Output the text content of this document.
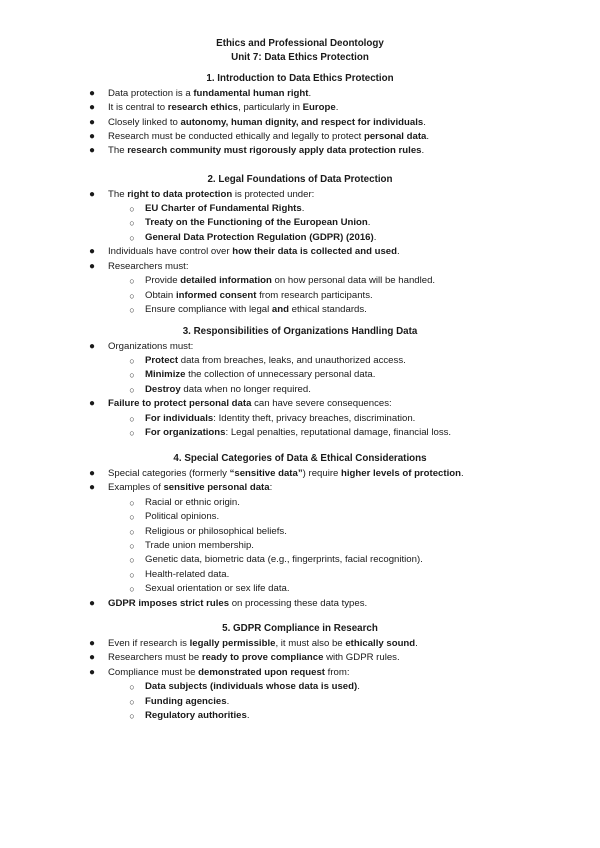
Ethics and Professional Deontology
Unit 7: Data Ethics Protection
1. Introduction to Data Ethics Protection
● Data protection is a fundamental human right.
● It is central to research ethics, particularly in Europe.
● Closely linked to autonomy, human dignity, and respect for individuals.
● Research must be conducted ethically and legally to protect personal data.
● The research community must rigorously apply data protection rules.
2. Legal Foundations of Data Protection
● The right to data protection is protected under:
○ EU Charter of Fundamental Rights.
○ Treaty on the Functioning of the European Union.
○ General Data Protection Regulation (GDPR) (2016).
● Individuals have control over how their data is collected and used.
● Researchers must:
○ Provide detailed information on how personal data will be handled.
○ Obtain informed consent from research participants.
○ Ensure compliance with legal and ethical standards.
3. Responsibilities of Organizations Handling Data
● Organizations must:
○ Protect data from breaches, leaks, and unauthorized access.
○ Minimize the collection of unnecessary personal data.
○ Destroy data when no longer required.
● Failure to protect personal data can have severe consequences:
○ For individuals: Identity theft, privacy breaches, discrimination.
○ For organizations: Legal penalties, reputational damage, financial loss.
4. Special Categories of Data & Ethical Considerations
● Special categories (formerly “sensitive data”) require higher levels of protection.
● Examples of sensitive personal data:
○ Racial or ethnic origin.
○ Political opinions.
○ Religious or philosophical beliefs.
○ Trade union membership.
○ Genetic data, biometric data (e.g., fingerprints, facial recognition).
○ Health-related data.
○ Sexual orientation or sex life data.
● GDPR imposes strict rules on processing these data types.
5. GDPR Compliance in Research
● Even if research is legally permissible, it must also be ethically sound.
● Researchers must be ready to prove compliance with GDPR rules.
● Compliance must be demonstrated upon request from:
○ Data subjects (individuals whose data is used).
○ Funding agencies.
○ Regulatory authorities.
